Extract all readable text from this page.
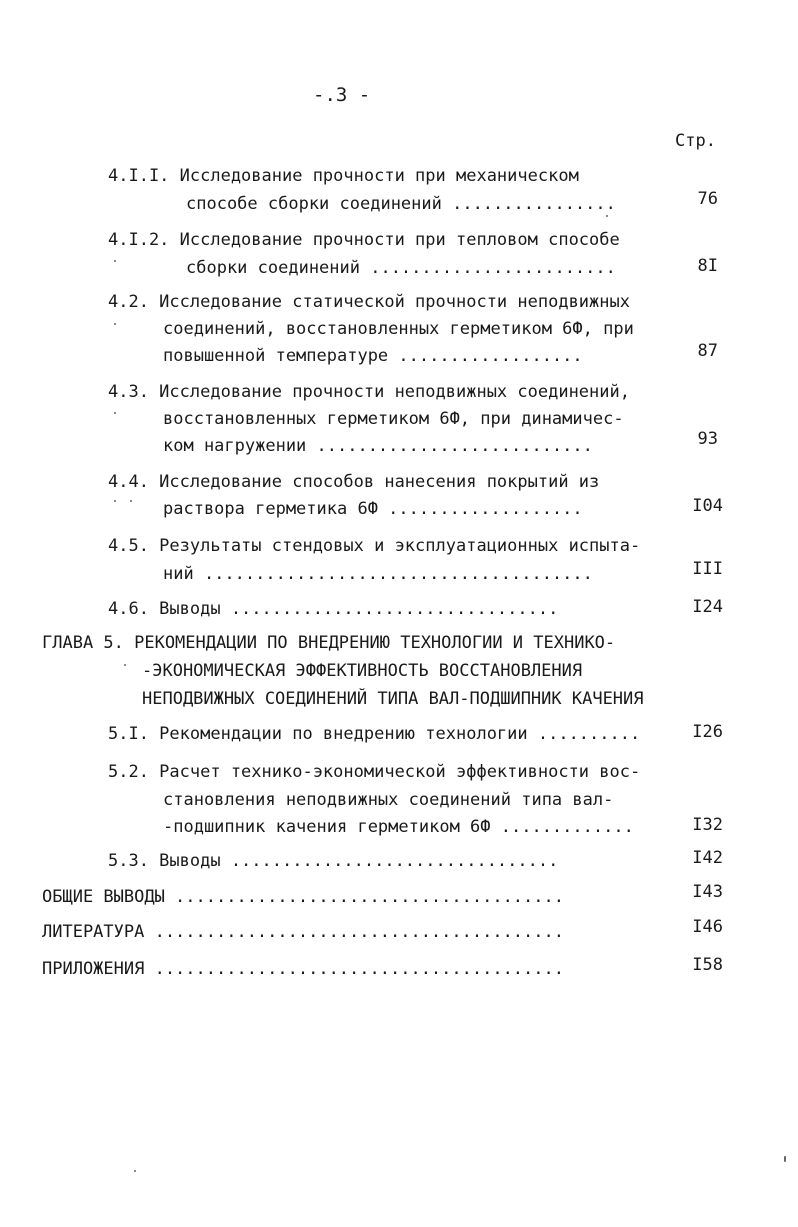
-.3 -
Стр.
4.I.I. Исследование прочности при механическом
способе сборки соединений ................	76
4.I.2. Исследование прочности при тепловом способе
сборки соединений ........................	8I
4.2. Исследование статической прочности неподвижных
соединений, восстановленных герметиком 6Ф, при
повышенной температуре ..................	87
4.3. Исследование прочности неподвижных соединений,
восстановленных герметиком 6Ф, при динамичес-
ком нагружении ...........................	93
4.4. Исследование способов нанесения покрытий из
раствора герметика 6Ф ...................	I04
4.5. Результаты стендовых и эксплуатационных испыта-
ний ......................................	III
4.6. Выводы ................................	I24
ГЛАВА 5. РЕКОМЕНДАЦИИ ПО ВНЕДРЕНИЮ ТЕХНОЛОГИИ И ТЕХНИКО-
-ЭКОНОМИЧЕСКАЯ ЭФФЕКТИВНОСТЬ ВОССТАНОВЛЕНИЯ
НЕПОДВИЖНЫХ СОЕДИНЕНИЙ ТИПА ВАЛ-ПОДШИПНИК КАЧЕНИЯ
5.I. Рекомендации по внедрению технологии ..........	I26
5.2. Расчет технико-экономической эффективности вос-
становления неподвижных соединений типа вал-
-подшипник качения герметиком 6Ф .............	I32
5.3. Выводы ................................	I42
ОБЩИЕ ВЫВОДЫ ......................................	I43
ЛИТЕРАТУРА ........................................	I46
ПРИЛОЖЕНИЯ ........................................	I58
